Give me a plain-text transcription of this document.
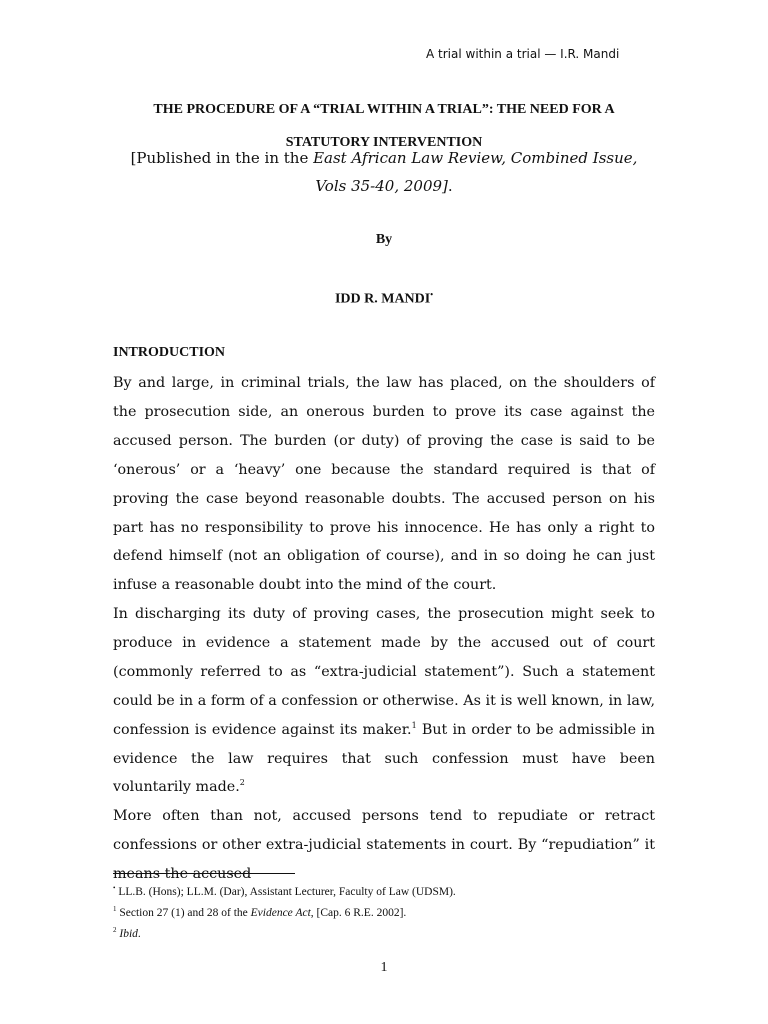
A trial within a trial — I.R. Mandi
THE PROCEDURE OF A “TRIAL WITHIN A TRIAL”: THE NEED FOR A
STATUTORY INTERVENTION
[Published in the in the East African Law Review, Combined Issue, Vols 35-40, 2009].
By
IDD R. MANDI•
INTRODUCTION

By and large, in criminal trials, the law has placed, on the shoulders of the prosecution side, an onerous burden to prove its case against the accused person. The burden (or duty) of proving the case is said to be ‘onerous’ or a ‘heavy’ one because the standard required is that of proving the case beyond reasonable doubts. The accused person on his part has no responsibility to prove his innocence. He has only a right to defend himself (not an obligation of course), and in so doing he can just infuse a reasonable doubt into the mind of the court.

In discharging its duty of proving cases, the prosecution might seek to produce in evidence a statement made by the accused out of court (commonly referred to as “extra-judicial statement”). Such a statement could be in a form of a confession or otherwise. As it is well known, in law, confession is evidence against its maker.$^1$ But in order to be admissible in evidence the law requires that such confession must have been voluntarily made.$^2$

More often than not, accused persons tend to repudiate or retract confessions or other extra-judicial statements in court. By “repudiation” it means the accused

• LL.B. (Hons); LL.M. (Dar), Assistant Lecturer, Faculty of Law (UDSM).
$^1$ Section 27 (1) and 28 of the Evidence Act, [Cap. 6 R.E. 2002].
$^2$ Ibid.
1
